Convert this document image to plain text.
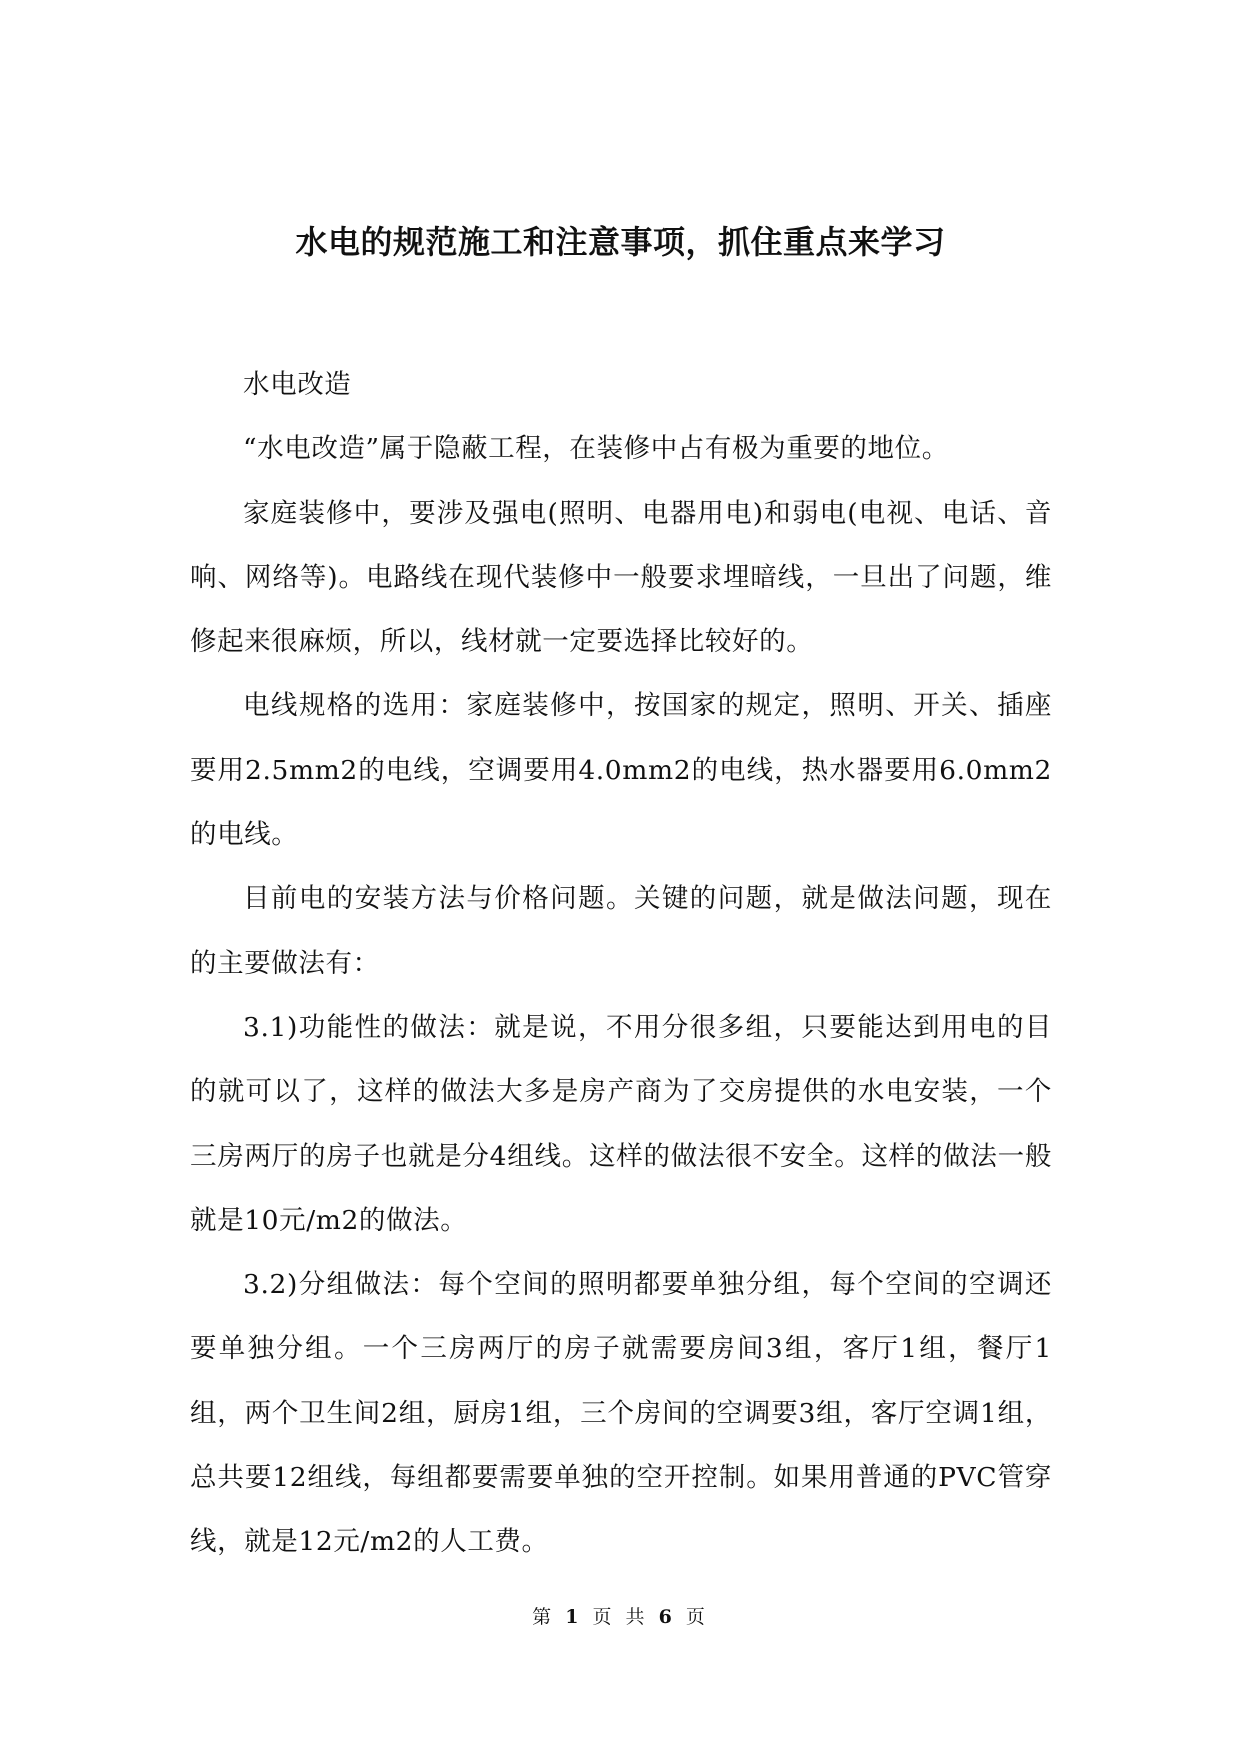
水电的规范施工和注意事项，抓住重点来学习

水电改造

“水电改造”属于隐蔽工程，在装修中占有极为重要的地位。

家庭装修中，要涉及强电(照明、电器用电)和弱电(电视、电话、音响、网络等)。电路线在现代装修中一般要求埋暗线，一旦出了问题，维修起来很麻烦，所以，线材就一定要选择比较好的。

电线规格的选用：家庭装修中，按国家的规定，照明、开关、插座要用2.5mm2的电线，空调要用4.0mm2的电线，热水器要用6.0mm2的电线。

目前电的安装方法与价格问题。关键的问题，就是做法问题，现在的主要做法有：

3.1)功能性的做法：就是说，不用分很多组，只要能达到用电的目的就可以了，这样的做法大多是房产商为了交房提供的水电安装，一个三房两厅的房子也就是分4组线。这样的做法很不安全。这样的做法一般就是10元/m2的做法。

3.2)分组做法：每个空间的照明都要单独分组，每个空间的空调还要单独分组。一个三房两厅的房子就需要房间3组，客厅1组，餐厅1组，两个卫生间2组，厨房1组，三个房间的空调要3组，客厅空调1组，总共要12组线，每组都要需要单独的空开控制。如果用普通的PVC管穿线，就是12元/m2的人工费。

第 1 页 共 6 页
